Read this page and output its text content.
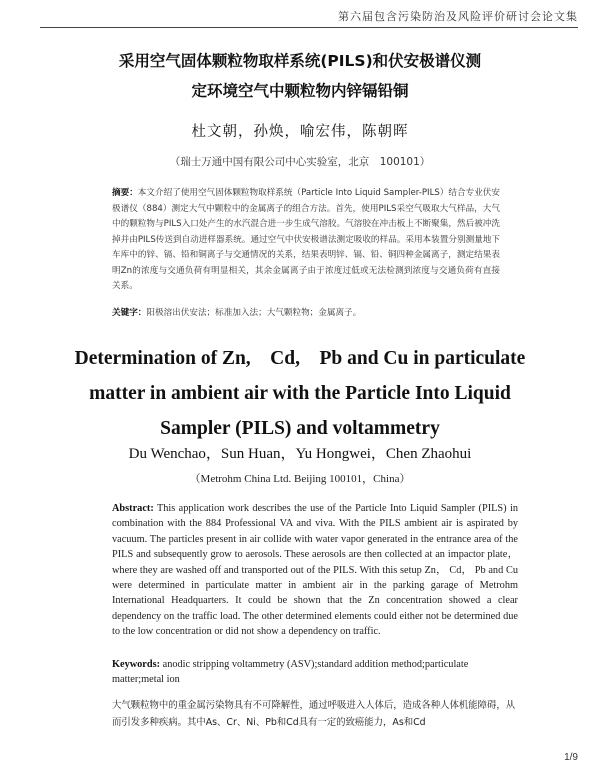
第六届包含污染防治及风险评价研讨会论文集
采用空气固体颗粒物取样系统(PILS)和伏安极谱仪测
定环境空气中颗粒物内锌镉铅铜
杜文朝，孙焕，喻宏伟，陈朝晖
（瑞士万通中国有限公司中心实验室，北京　100101）
摘要：本文介绍了使用空气固体颗粒物取样系统（Particle Into Liquid Sampler-PILS）结合专业伏安极谱仪（884）测定大气中颗粒中的金属离子的组合方法。首先，使用PILS采空气吸取大气样品，大气中的颗粒物与PILS入口处产生的水汽混合进一步生成气溶胶。气溶胶在冲击板上不断聚集，然后被冲洗掉并由PILS传送到自动进样器系统。通过空气中伏安极谱法测定吸收的样品。采用本装置分别测量地下车库中的锌、镉、铅和铜离子与交通情况的关系，结果表明锌、镉、铅、铜四种金属离子，测定结果表明Zn的浓度与交通负荷有明显相关，其余金属离子由于浓度过低或无法检测到浓度与交通负荷有直接关系。
关键字：阳极溶出伏安法；标准加入法；大气颗粒物；金属离子。
Determination of Zn,　Cd,　Pb and Cu in particulate
matter in ambient air with the Particle Into Liquid
Sampler (PILS) and voltammetry
Du Wenchao，Sun Huan，Yu Hongwei，Chen Zhaohui
（Metrohm China Ltd. Beijing 100101，China）
Abstract: This application work describes the use of the Particle Into Liquid Sampler (PILS) in combination with the 884 Professional VA and viva. With the PILS ambient air is aspirated by vacuum. The particles present in air collide with water vapor generated in the entrance area of the PILS and subsequently grow to aerosols. These aerosols are then collected at an impactor plate， where they are washed off and transported out of the PILS. With this setup Zn， Cd， Pb and Cu were determined in particulate matter in ambient air in the parking garage of Metrohm International Headquarters. It could be shown that the Zn concentration showed a clear dependency on the traffic load. The other determined elements could either not be determined due to the low concentration or did not show a dependency on traffic.
Keywords: anodic stripping voltammetry (ASV);standard addition method;particulate matter;metal ion
大气颗粒物中的重金属污染物具有不可降解性，通过呼吸进入人体后，造成各种人体机能障碍，从而引发多种疾病。其中As、Cr、Ni、Pb和Cd具有一定的致癌能力，As和Cd
1/9
